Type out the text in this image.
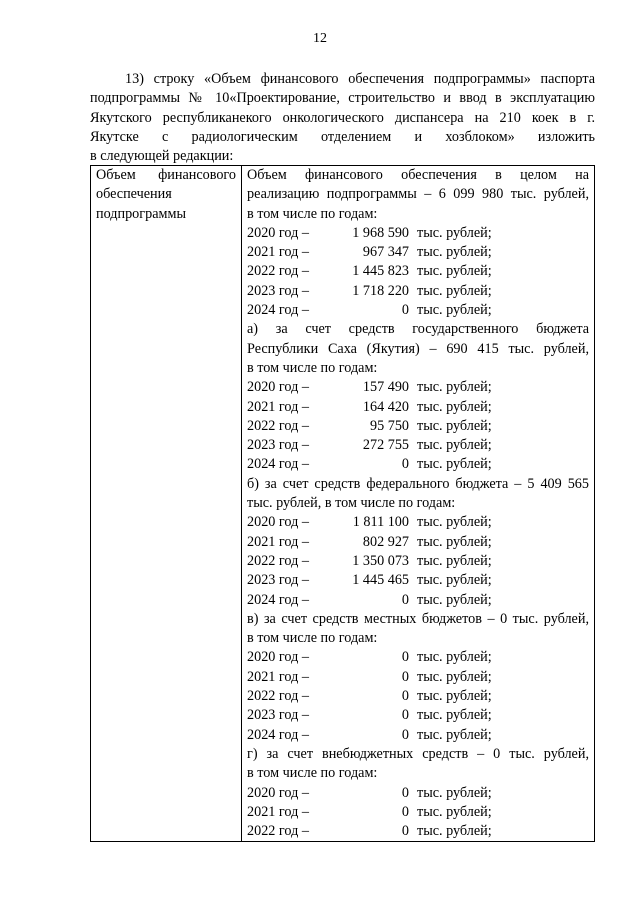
12
13) строку «Объем финансового обеспечения подпрограммы» паспорта
подпрограммы № 10«Проектирование, строительство и ввод в эксплуатацию
Якутского республиканекого онкологического диспансера на 210 коек в г.
Якутске с радиологическим отделением и хозблоком» изложить
в следующей редакции:
Объем финансового
обеспечения
подпрограммы

Объем финансового обеспечения в целом на
реализацию подпрограммы – 6 099 980 тыс. рублей,
в том числе по годам:
2020 год –	1 968 590 тыс. рублей;
2021 год –	967 347 тыс. рублей;
2022 год –	1 445 823 тыс. рублей;
2023 год –	1 718 220 тыс. рублей;
2024 год –	0 тыс. рублей;
а) за счет средств государственного бюджета
Республики Саха (Якутия) – 690 415 тыс. рублей,
в том числе по годам:
2020 год –	157 490 тыс. рублей;
2021 год –	164 420 тыс. рублей;
2022 год –	95 750 тыс. рублей;
2023 год –	272 755 тыс. рублей;
2024 год –	0 тыс. рублей;
б) за счет средств федерального бюджета – 5 409 565
тыс. рублей, в том числе по годам:
2020 год –	1 811 100 тыс. рублей;
2021 год –	802 927 тыс. рублей;
2022 год –	1 350 073 тыс. рублей;
2023 год –	1 445 465 тыс. рублей;
2024 год –	0 тыс. рублей;
в) за счет средств местных бюджетов – 0 тыс. рублей,
в том числе по годам:
2020 год –	0 тыс. рублей;
2021 год –	0 тыс. рублей;
2022 год –	0 тыс. рублей;
2023 год –	0 тыс. рублей;
2024 год –	0 тыс. рублей;
г) за счет внебюджетных средств – 0 тыс. рублей,
в том числе по годам:
2020 год –	0 тыс. рублей;
2021 год –	0 тыс. рублей;
2022 год –	0 тыс. рублей;
